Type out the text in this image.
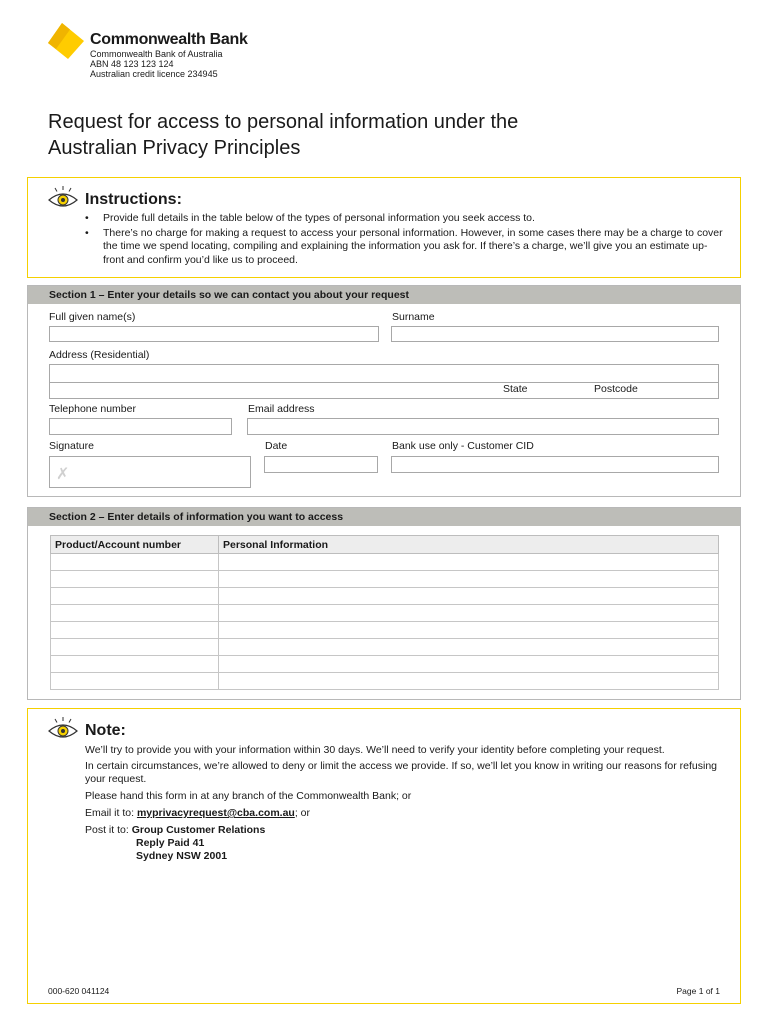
Commonwealth Bank
Commonwealth Bank of Australia
ABN 48 123 123 124
Australian credit licence 234945
Request for access to personal information under the
Australian Privacy Principles
Instructions:
• Provide full details in the table below of the types of personal information you seek access to.
• There’s no charge for making a request to access your personal information. However, in some cases there may be a charge to cover the time we spend locating, compiling and explaining the information you ask for. If there’s a charge, we’ll give you an estimate up-front and confirm you’d like us to proceed.
Section 1 – Enter your details so we can contact you about your request
Full given name(s)	Surname
Address (Residential)
State	Postcode
Telephone number	Email address
Signature
✗
Date	Bank use only - Customer CID
Section 2 – Enter details of information you want to access
Product/Account number	Personal Information

Note:
We’ll try to provide you with your information within 30 days. We’ll need to verify your identity before completing your request.
In certain circumstances, we’re allowed to deny or limit the access we provide. If so, we’ll let you know in writing our reasons for refusing your request.
Please hand this form in at any branch of the Commonwealth Bank; or
Email it to: myprivacyrequest@cba.com.au; or
Post it to: Group Customer Relations
Reply Paid 41
Sydney NSW 2001
000-620 041124	Page 1 of 1
